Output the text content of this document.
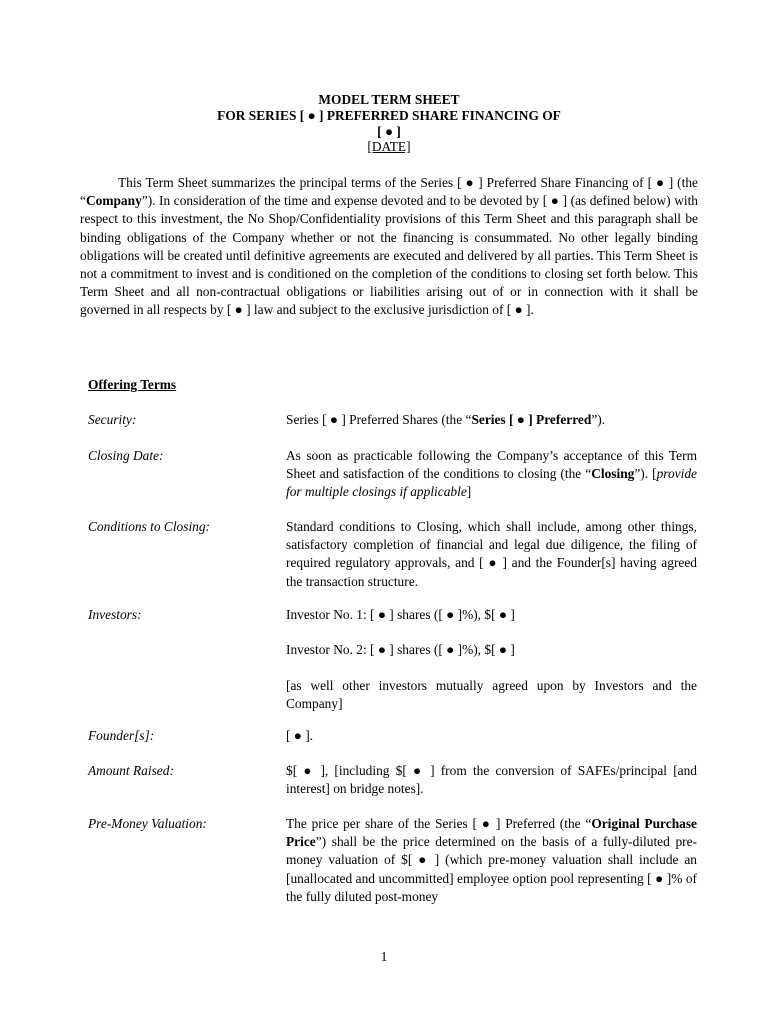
MODEL TERM SHEET
FOR SERIES [ ● ] PREFERRED SHARE FINANCING OF
[ ● ]
[DATE]

This Term Sheet summarizes the principal terms of the Series [ ● ] Preferred Share Financing of [ ● ] (the “Company”). In consideration of the time and expense devoted and to be devoted by [ ● ] (as defined below) with respect to this investment, the No Shop/Confidentiality provisions of this Term Sheet and this paragraph shall be binding obligations of the Company whether or not the financing is consummated. No other legally binding obligations will be created until definitive agreements are executed and delivered by all parties. This Term Sheet is not a commitment to invest and is conditioned on the completion of the conditions to closing set forth below. This Term Sheet and all non-contractual obligations or liabilities arising out of or in connection with it shall be governed in all respects by [ ● ] law and subject to the exclusive jurisdiction of [ ● ].

Offering Terms
Security:	Series [ ● ] Preferred Shares (the “Series [ ● ] Preferred”).

Closing Date:	As soon as practicable following the Company’s acceptance of this Term Sheet and satisfaction of the conditions to closing (the “Closing”). [provide for multiple closings if applicable]

Conditions to Closing:	Standard conditions to Closing, which shall include, among other things, satisfactory completion of financial and legal due diligence, the filing of required regulatory approvals, and [ ● ] and the Founder[s] having agreed the transaction structure.

Investors:	Investor No. 1: [ ● ] shares ([ ● ]%), $[ ● ]

Investor No. 2: [ ● ] shares ([ ● ]%), $[ ● ]

[as well other investors mutually agreed upon by Investors and the Company]

Founder[s]:	[ ● ].

Amount Raised:	$[ ● ], [including $[ ● ] from the conversion of SAFEs/principal [and interest] on bridge notes].

Pre-Money Valuation:	The price per share of the Series [ ● ] Preferred (the “Original Purchase Price”) shall be the price determined on the basis of a fully-diluted pre-money valuation of $[ ● ] (which pre-money valuation shall include an [unallocated and uncommitted] employee option pool representing [ ● ]% of the fully diluted post-money

1
